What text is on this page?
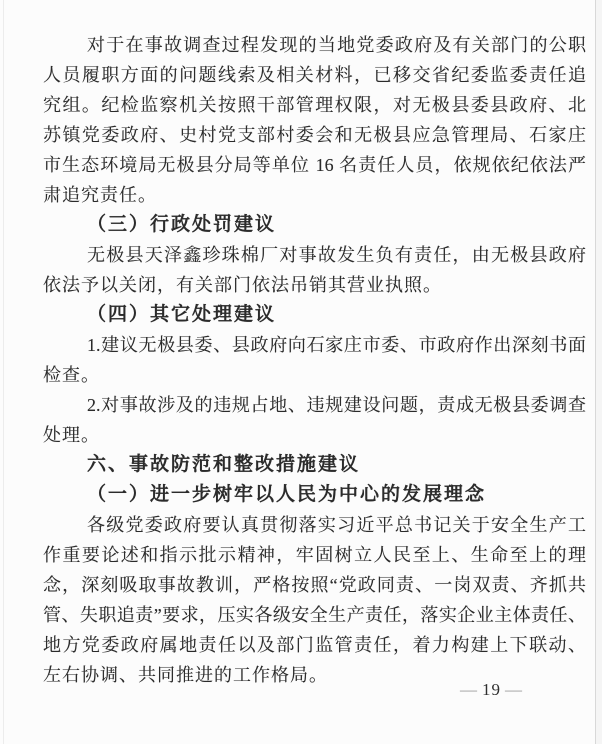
对于在事故调查过程发现的当地党委政府及有关部门的公职
人员履职方面的问题线索及相关材料，已移交省纪委监委责任追
究组。纪检监察机关按照干部管理权限，对无极县委县政府、北
苏镇党委政府、史村党支部村委会和无极县应急管理局、石家庄
市生态环境局无极县分局等单位 16 名责任人员，依规依纪依法严
肃追究责任。
（三）行政处罚建议
无极县天泽鑫珍珠棉厂对事故发生负有责任，由无极县政府
依法予以关闭，有关部门依法吊销其营业执照。
（四）其它处理建议
1.建议无极县委、县政府向石家庄市委、市政府作出深刻书面
检查。
2.对事故涉及的违规占地、违规建设问题，责成无极县委调查
处理。
六、事故防范和整改措施建议
（一）进一步树牢以人民为中心的发展理念
各级党委政府要认真贯彻落实习近平总书记关于安全生产工
作重要论述和指示批示精神，牢固树立人民至上、生命至上的理
念，深刻吸取事故教训，严格按照“党政同责、一岗双责、齐抓共
管、失职追责”要求，压实各级安全生产责任，落实企业主体责任、
地方党委政府属地责任以及部门监管责任，着力构建上下联动、
左右协调、共同推进的工作格局。
— 19 —
